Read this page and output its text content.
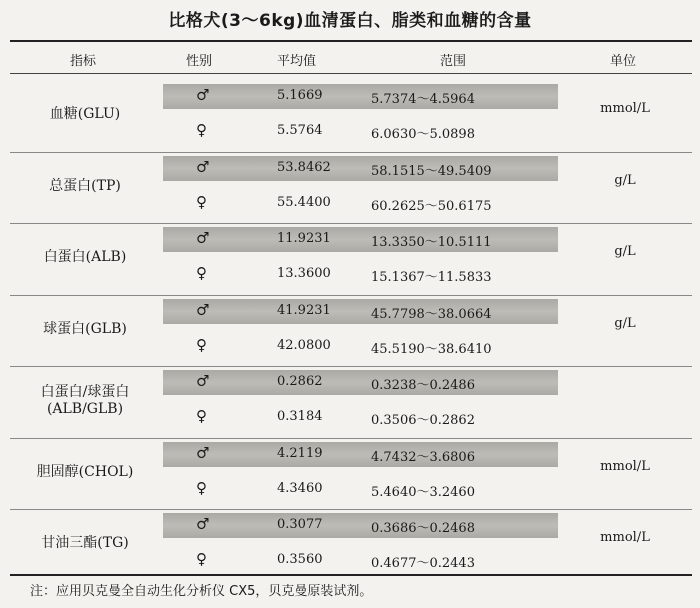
比格犬(3～6kg)血清蛋白、脂类和血糖的含量
指标	性别	平均值	范围	单位
血糖(GLU)	mmol/L
♂	5.1669	5.7374～4.5964
♀	5.5764	6.0630～5.0898
总蛋白(TP)	g/L
♂	53.8462	58.1515～49.5409
♀	55.4400	60.2625～50.6175
白蛋白(ALB)	g/L
♂	11.9231	13.3350～10.5111
♀	13.3600	15.1367～11.5833
球蛋白(GLB)	g/L
♂	41.9231	45.7798～38.0664
♀	42.0800	45.5190～38.6410
白蛋白/球蛋白
(ALB/GLB)
♂	0.2862	0.3238～0.2486
♀	0.3184	0.3506～0.2862
胆固醇(CHOL)	mmol/L
♂	4.2119	4.7432～3.6806
♀	4.3460	5.4640～3.2460
甘油三酯(TG)	mmol/L
♂	0.3077	0.3686～0.2468
♀	0.3560	0.4677～0.2443
注：应用贝克曼全自动生化分析仪 CX5，贝克曼原装试剂。
